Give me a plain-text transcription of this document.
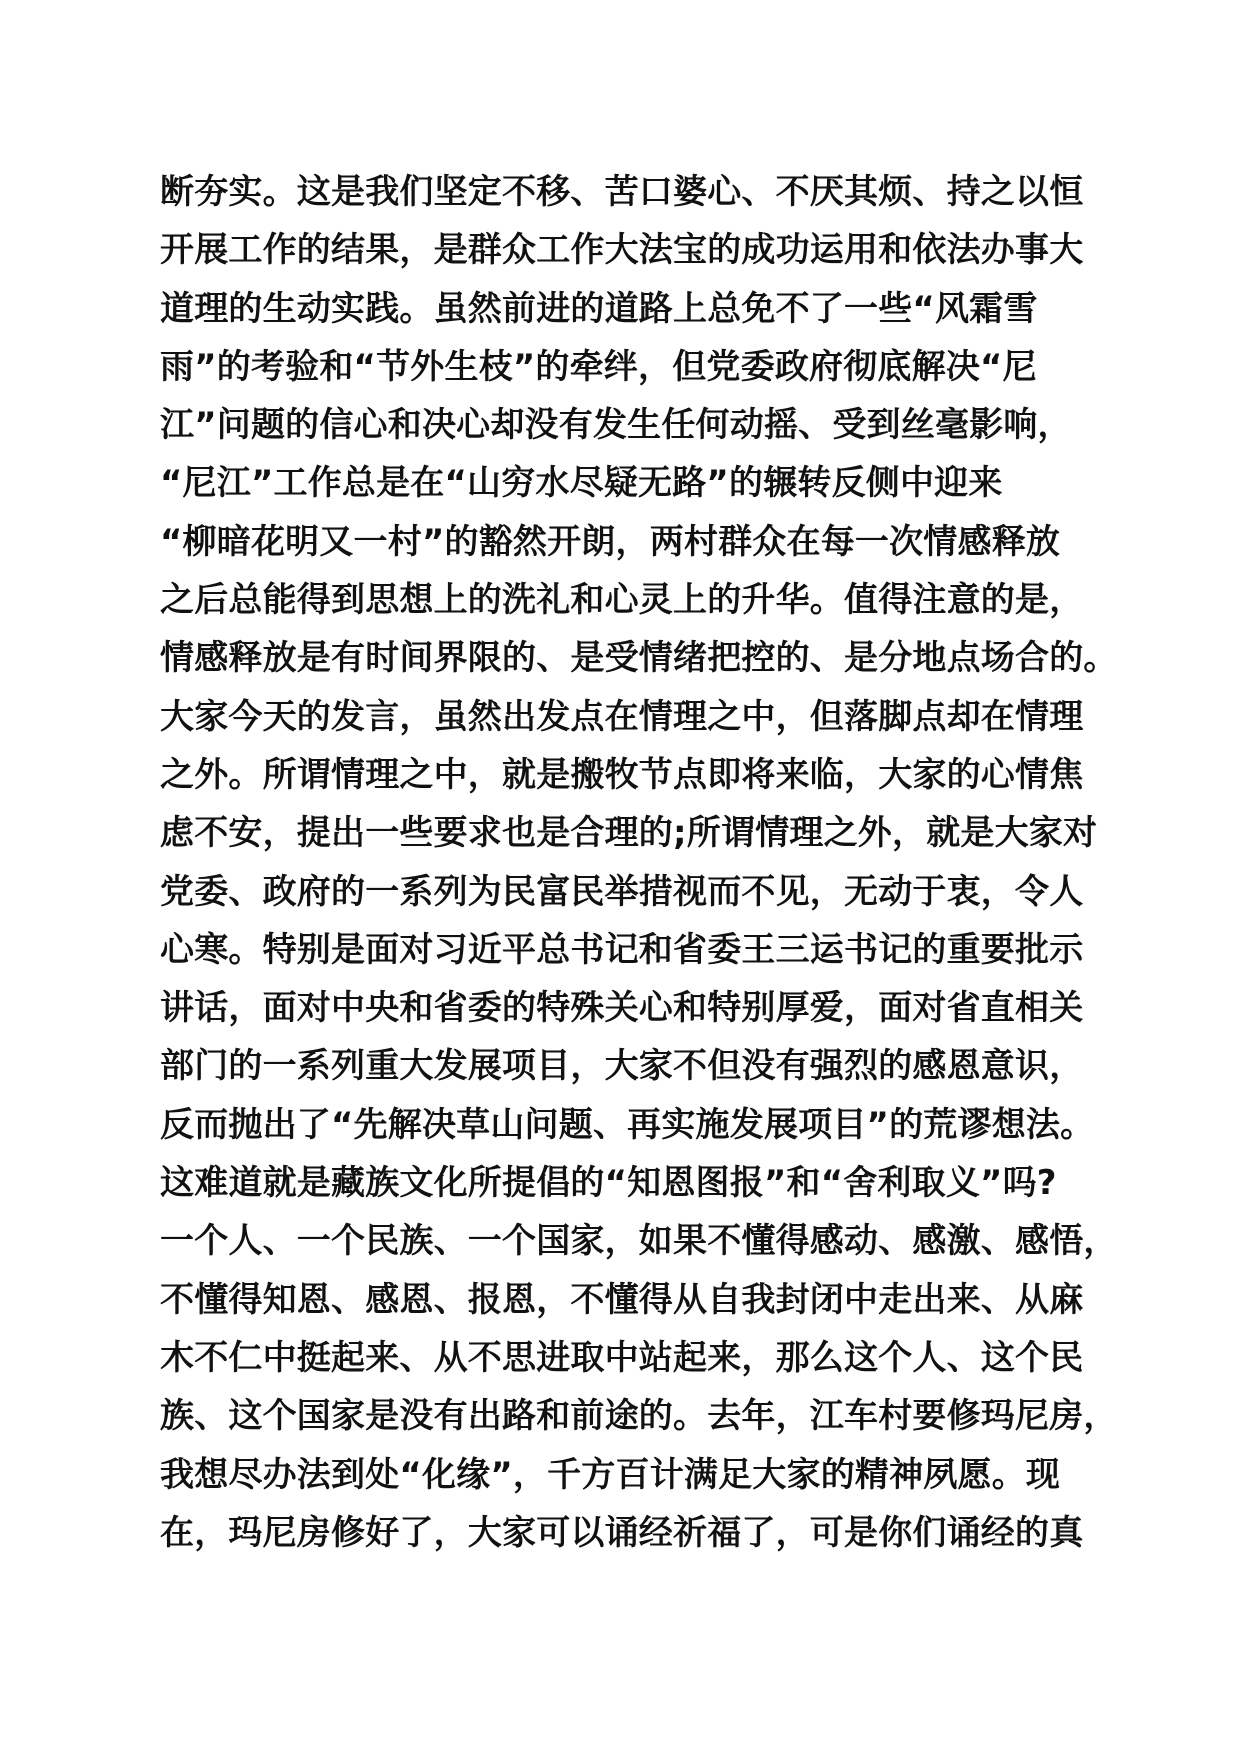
断夯实。这是我们坚定不移、苦口婆心、不厌其烦、持之以恒
开展工作的结果，是群众工作大法宝的成功运用和依法办事大
道理的生动实践。虽然前进的道路上总免不了一些“风霜雪
雨”的考验和“节外生枝”的牵绊，但党委政府彻底解决“尼
江”问题的信心和决心却没有发生任何动摇、受到丝毫影响，
“尼江”工作总是在“山穷水尽疑无路”的辗转反侧中迎来
“柳暗花明又一村”的豁然开朗，两村群众在每一次情感释放
之后总能得到思想上的洗礼和心灵上的升华。值得注意的是，
情感释放是有时间界限的、是受情绪把控的、是分地点场合的。
大家今天的发言，虽然出发点在情理之中，但落脚点却在情理
之外。所谓情理之中，就是搬牧节点即将来临，大家的心情焦
虑不安，提出一些要求也是合理的;所谓情理之外，就是大家对
党委、政府的一系列为民富民举措视而不见，无动于衷，令人
心寒。特别是面对习近平总书记和省委王三运书记的重要批示
讲话，面对中央和省委的特殊关心和特别厚爱，面对省直相关
部门的一系列重大发展项目，大家不但没有强烈的感恩意识，
反而抛出了“先解决草山问题、再实施发展项目”的荒谬想法。
这难道就是藏族文化所提倡的“知恩图报”和“舍利取义”吗?
一个人、一个民族、一个国家，如果不懂得感动、感激、感悟，
不懂得知恩、感恩、报恩，不懂得从自我封闭中走出来、从麻
木不仁中挺起来、从不思进取中站起来，那么这个人、这个民
族、这个国家是没有出路和前途的。去年，江车村要修玛尼房，
我想尽办法到处“化缘”，千方百计满足大家的精神夙愿。现
在，玛尼房修好了，大家可以诵经祈福了，可是你们诵经的真
